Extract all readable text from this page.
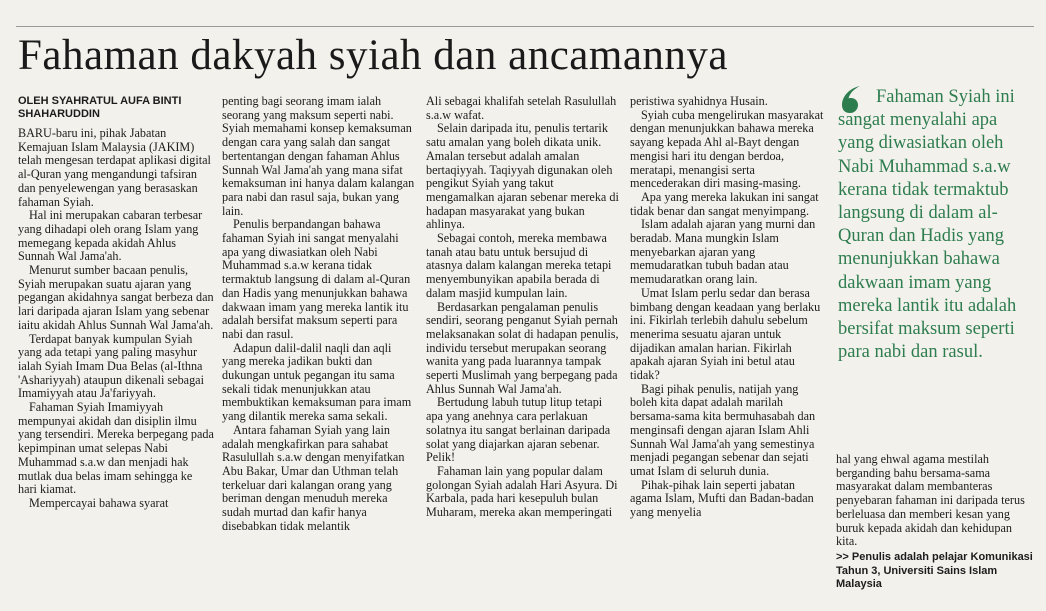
Fahaman dakyah syiah dan ancamannya
OLEH SYAHRATUL AUFA BINTI SHAHARUDDIN

BARU-baru ini, pihak Jabatan Kemajuan Islam Malaysia (JAKIM) telah mengesan terdapat aplikasi digital al-Quran yang mengandungi tafsiran dan penyelewengan yang berasaskan fahaman Syiah.

Hal ini merupakan cabaran terbesar yang dihadapi oleh orang Islam yang memegang kepada akidah Ahlus Sunnah Wal Jama'ah.

Menurut sumber bacaan penulis, Syiah merupakan suatu ajaran yang pegangan akidahnya sangat berbeza dan lari daripada ajaran Islam yang sebenar iaitu akidah Ahlus Sunnah Wal Jama'ah.

Terdapat banyak kumpulan Syiah yang ada tetapi yang paling masyhur ialah Syiah Imam Dua Belas (al-Ithna 'Ashariyyah) ataupun dikenali sebagai Imamiyyah atau Ja'fariyyah.

Fahaman Syiah Imamiyyah mempunyai akidah dan disiplin ilmu yang tersendiri. Mereka berpegang pada kepimpinan umat selepas Nabi Muhammad s.a.w dan menjadi hak mutlak dua belas imam sehingga ke hari kiamat.

Mempercayai bahawa syarat

penting bagi seorang imam ialah seorang yang maksum seperti nabi. Syiah memahami konsep kemaksuman dengan cara yang salah dan sangat bertentangan dengan fahaman Ahlus Sunnah Wal Jama'ah yang mana sifat kemaksuman ini hanya dalam kalangan para nabi dan rasul saja, bukan yang lain.

Penulis berpandangan bahawa fahaman Syiah ini sangat menyalahi apa yang diwasiatkan oleh Nabi Muhammad s.a.w kerana tidak termaktub langsung di dalam al-Quran dan Hadis yang menunjukkan bahawa dakwaan imam yang mereka lantik itu adalah bersifat maksum seperti para nabi dan rasul.

Adapun dalil-dalil naqli dan aqli yang mereka jadikan bukti dan dukungan untuk pegangan itu sama sekali tidak menunjukkan atau membuktikan kemaksuman para imam yang dilantik mereka sama sekali.

Antara fahaman Syiah yang lain adalah mengkafirkan para sahabat Rasulullah s.a.w dengan menyifatkan Abu Bakar, Umar dan Uthman telah terkeluar dari kalangan orang yang beriman dengan menuduh mereka sudah murtad dan kafir hanya disebabkan tidak melantik

Ali sebagai khalifah setelah Rasulullah s.a.w wafat.

Selain daripada itu, penulis tertarik satu amalan yang boleh dikata unik. Amalan tersebut adalah amalan bertaqiyyah. Taqiyyah digunakan oleh pengikut Syiah yang takut mengamalkan ajaran sebenar mereka di hadapan masyarakat yang bukan ahlinya.

Sebagai contoh, mereka membawa tanah atau batu untuk bersujud di atasnya dalam kalangan mereka tetapi menyembunyikan apabila berada di dalam masjid kumpulan lain.

Berdasarkan pengalaman penulis sendiri, seorang penganut Syiah pernah melaksanakan solat di hadapan penulis, individu tersebut merupakan seorang wanita yang pada luarannya tampak seperti Muslimah yang berpegang pada Ahlus Sunnah Wal Jama'ah.

Bertudung labuh tutup litup tetapi apa yang anehnya cara perlakuan solatnya itu sangat berlainan daripada solat yang diajarkan ajaran sebenar. Pelik!

Fahaman lain yang popular dalam golongan Syiah adalah Hari Asyura. Di Karbala, pada hari kesepuluh bulan Muharam, mereka akan memperingati

peristiwa syahidnya Husain.

Syiah cuba mengelirukan masyarakat dengan menunjukkan bahawa mereka sayang kepada Ahl al-Bayt dengan mengisi hari itu dengan berdoa, meratapi, menangisi serta mencederakan diri masing-masing.

Apa yang mereka lakukan ini sangat tidak benar dan sangat menyimpang.

Islam adalah ajaran yang murni dan beradab. Mana mungkin Islam menyebarkan ajaran yang memudaratkan tubuh badan atau memudaratkan orang lain.

Umat Islam perlu sedar dan berasa bimbang dengan keadaan yang berlaku ini. Fikirlah terlebih dahulu sebelum menerima sesuatu ajaran untuk dijadikan amalan harian. Fikirlah apakah ajaran Syiah ini betul atau tidak?

Bagi pihak penulis, natijah yang boleh kita dapat adalah marilah bersama-sama kita bermuhasabah dan menginsafi dengan ajaran Islam Ahli Sunnah Wal Jama'ah yang semestinya menjadi pegangan sebenar dan sejati umat Islam di seluruh dunia.

Pihak-pihak lain seperti jabatan agama Islam, Mufti dan Badan-badan yang menyelia

Fahaman Syiah ini sangat menyalahi apa yang diwasiatkan oleh Nabi Muhammad s.a.w kerana tidak termaktub langsung di dalam al-Quran dan Hadis yang menunjukkan bahawa dakwaan imam yang mereka lantik itu adalah bersifat maksum seperti para nabi dan rasul.

hal yang ehwal agama mestilah berganding bahu bersama-sama masyarakat dalam membanteras penyebaran fahaman ini daripada terus berleluasa dan memberi kesan yang buruk kepada akidah dan kehidupan kita.

>> Penulis adalah pelajar Komunikasi Tahun 3, Universiti Sains Islam Malaysia
